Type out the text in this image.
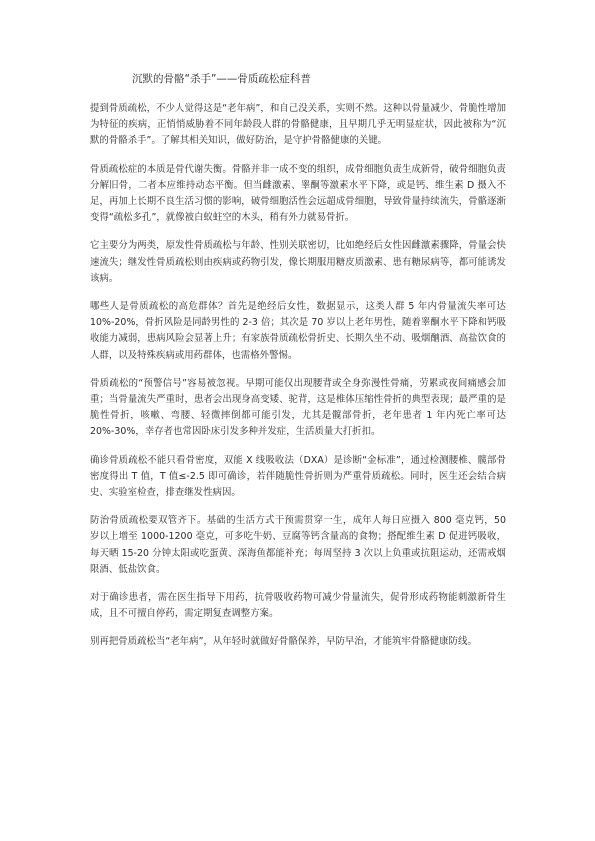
沉默的骨骼“杀手”——骨质疏松症科普

提到骨质疏松，不少人觉得这是“老年病”，和自己没关系，实则不然。这种以骨量减少、骨脆性增加为特征的疾病，正悄悄威胁着不同年龄段人群的骨骼健康，且早期几乎无明显症状，因此被称为“沉默的骨骼杀手”。了解其相关知识，做好防治，是守护骨骼健康的关键。

骨质疏松症的本质是骨代谢失衡。骨骼并非一成不变的组织，成骨细胞负责生成新骨，破骨细胞负责分解旧骨，二者本应维持动态平衡。但当雌激素、睾酮等激素水平下降，或是钙、维生素 D 摄入不足，再加上长期不良生活习惯的影响，破骨细胞活性会远超成骨细胞，导致骨量持续流失，骨骼逐渐变得“疏松多孔”，就像被白蚁蛀空的木头，稍有外力就易骨折。

它主要分为两类，原发性骨质疏松与年龄、性别关联密切，比如绝经后女性因雌激素骤降，骨量会快速流失；继发性骨质疏松则由疾病或药物引发，像长期服用糖皮质激素、患有糖尿病等，都可能诱发该病。

哪些人是骨质疏松的高危群体？首先是绝经后女性，数据显示，这类人群 5 年内骨量流失率可达 10%-20%，骨折风险是同龄男性的 2-3 倍；其次是 70 岁以上老年男性，随着睾酮水平下降和钙吸收能力减弱，患病风险会显著上升；有家族骨质疏松骨折史、长期久坐不动、吸烟酗酒、高盐饮食的人群，以及特殊疾病或用药群体，也需格外警惕。

骨质疏松的“预警信号”容易被忽视。早期可能仅出现腰背或全身弥漫性骨痛，劳累或夜间痛感会加重；当骨量流失严重时，患者会出现身高变矮、驼背，这是椎体压缩性骨折的典型表现；最严重的是脆性骨折，咳嗽、弯腰、轻微摔倒都可能引发，尤其是髋部骨折，老年患者 1 年内死亡率可达 20%-30%，幸存者也常因卧床引发多种并发症，生活质量大打折扣。

确诊骨质疏松不能只看骨密度，双能 X 线吸收法（DXA）是诊断“金标准”，通过检测腰椎、髋部骨密度得出 T 值，T 值≤-2.5 即可确诊，若伴随脆性骨折则为严重骨质疏松。同时，医生还会结合病史、实验室检查，排查继发性病因。

防治骨质疏松要双管齐下。基础的生活方式干预需贯穿一生，成年人每日应摄入 800 毫克钙，50 岁以上增至 1000-1200 毫克，可多吃牛奶、豆腐等钙含量高的食物；搭配维生素 D 促进钙吸收，每天晒 15-20 分钟太阳或吃蛋黄、深海鱼都能补充；每周坚持 3 次以上负重或抗阻运动，还需戒烟限酒、低盐饮食。

对于确诊患者，需在医生指导下用药，抗骨吸收药物可减少骨量流失，促骨形成药物能刺激新骨生成，且不可擅自停药，需定期复查调整方案。

别再把骨质疏松当“老年病”，从年轻时就做好骨骼保养，早防早治，才能筑牢骨骼健康防线。
